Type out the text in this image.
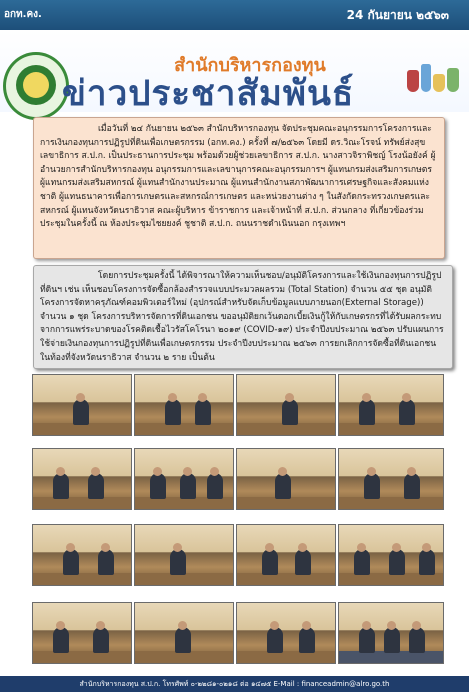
อกท.คง.	24 กันยายน ๒๕๖๓
สำนักบริหารกองทุน
ข่าวประชาสัมพันธ์
เมื่อวันที่ ๒๔ กันยายน ๒๕๖๓ สำนักบริหารกองทุน จัดประชุมคณะอนุกรรมการโครงการและการเงินกองทุนการปฏิรูปที่ดินเพื่อเกษตรกรรม (อกท.คง.) ครั้งที่ ๗/๒๕๖๓ โดยมี ดร.วิณะโรจน์ ทรัพย์ส่งสุข เลขาธิการ ส.ป.ก. เป็นประธานการประชุม พร้อมด้วยผู้ช่วยเลขาธิการ ส.ป.ก. นางสาวจิราพิชญ์ โรงน้อยังค์ ผู้อำนวยการสำนักบริหารกองทุน อนุกรรมการและเลขานุการคณะอนุกรรมการฯ ผู้แทนกรมส่งเสริมการเกษตร ผู้แทนกรมส่งเสริมสหกรณ์ ผู้แทนสำนักงานประมาณ ผู้แทนสำนักงานสภาพัฒนาการเศรษฐกิจและสังคมแห่งชาติ ผู้แทนธนาคารเพื่อการเกษตรและสหกรณ์การเกษตร และหน่วยงานต่าง ๆ ในสังกัดกระทรวงเกษตรและสหกรณ์ ผู้แทนจังหวัดนราธิวาส คณะผู้บริหาร ข้าราชการ และเจ้าหน้าที่ ส.ป.ก. ส่วนกลาง ที่เกี่ยวข้องร่วมประชุมในครั้งนี้ ณ ห้องประชุมไชยยงค์ ชูชาติ ส.ป.ก. ถนนราชดำเนินนอก กรุงเทพฯ
โดยการประชุมครั้งนี้ ได้พิจารณาให้ความเห็นชอบ/อนุมัติโครงการและใช้เงินกองทุนการปฏิรูปที่ดินฯ เช่น เห็นชอบโครงการจัดซื้อกล้องสำรวจแบบประมวลผลรวม (Total Station) จำนวน ๕๕ ชุด อนุมัติโครงการจัดหาครุภัณฑ์คอมพิวเตอร์ใหม่ (อุปกรณ์สำหรับจัดเก็บข้อมูลแบบภายนอก(External Storage)) จำนวน ๑ ชุด โครงการบริหารจัดการที่ดินเอกชน ขออนุมัติยกเว้นดอกเบี้ยเงินกู้ให้กับเกษตรกรที่ได้รับผลกระทบจากการแพร่ระบาดของโรคติดเชื้อไวรัสโคโรนา ๒๐๑๙ (COVID-๑๙) ประจำปีงบประมาณ ๒๕๖๓ ปรับแผนการใช้จ่ายเงินกองทุนการปฏิรูปที่ดินเพื่อเกษตรกรรม ประจำปีงบประมาณ ๒๕๖๓ การยกเลิกการจัดซื้อที่ดินเอกชนในท้องที่จังหวัดนราธิวาส จำนวน ๒ ราย เป็นต้น
สำนักบริหารกองทุน ส.ป.ก. โทรศัพท์ ๐-๒๒๘๑-๐๒๑๘ ต่อ ๑๔๗๕ E-Mail : financeadmin@alro.go.th
